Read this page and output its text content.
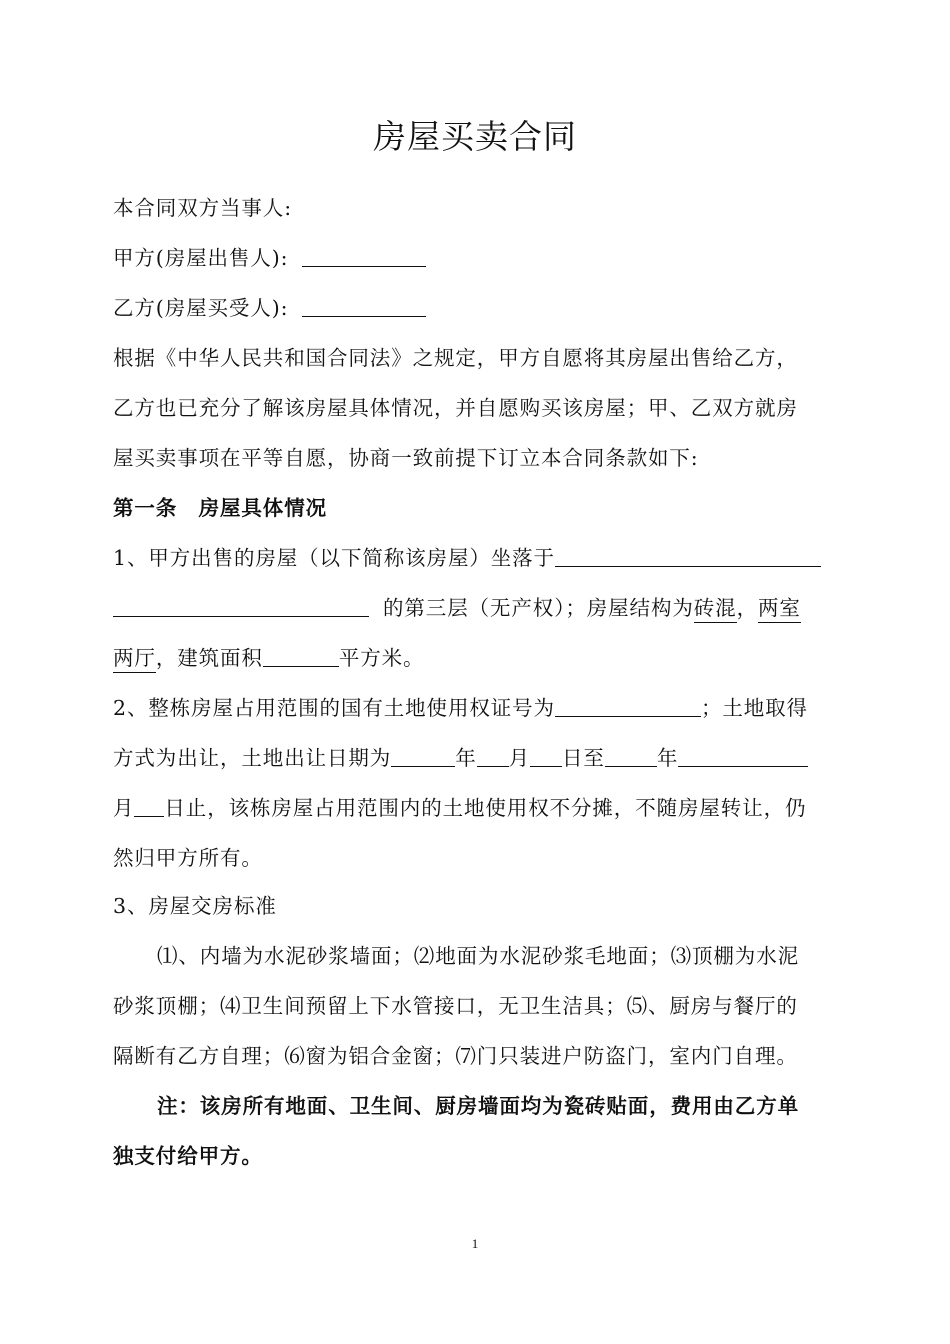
房屋买卖合同
本合同双方当事人:
甲方(房屋出售人):
乙方(房屋买受人):
根据《中华人民共和国合同法》之规定，甲方自愿将其房屋出售给乙方，
乙方也已充分了解该房屋具体情况，并自愿购买该房屋；甲、乙双方就房
屋买卖事项在平等自愿，协商一致前提下订立本合同条款如下:
第一条　房屋具体情况
1、甲方出售的房屋（以下简称该房屋）坐落于
的第三层（无产权）；房屋结构为砖混，两室
两厅，建筑面积	平方米。
2、整栋房屋占用范围的国有土地使用权证号为	；土地取得
方式为出让，土地出让日期为	年 月 日至	年
月 日止，该栋房屋占用范围内的土地使用权不分摊，不随房屋转让，仍
然归甲方所有。
3、房屋交房标准
⑴、内墙为水泥砂浆墙面；⑵地面为水泥砂浆毛地面；⑶顶棚为水泥
砂浆顶棚；⑷卫生间预留上下水管接口，无卫生洁具；⑸、厨房与餐厅的
隔断有乙方自理；⑹窗为铝合金窗；⑺门只装进户防盗门，室内门自理。
注：该房所有地面、卫生间、厨房墙面均为瓷砖贴面，费用由乙方单
独支付给甲方。
1
